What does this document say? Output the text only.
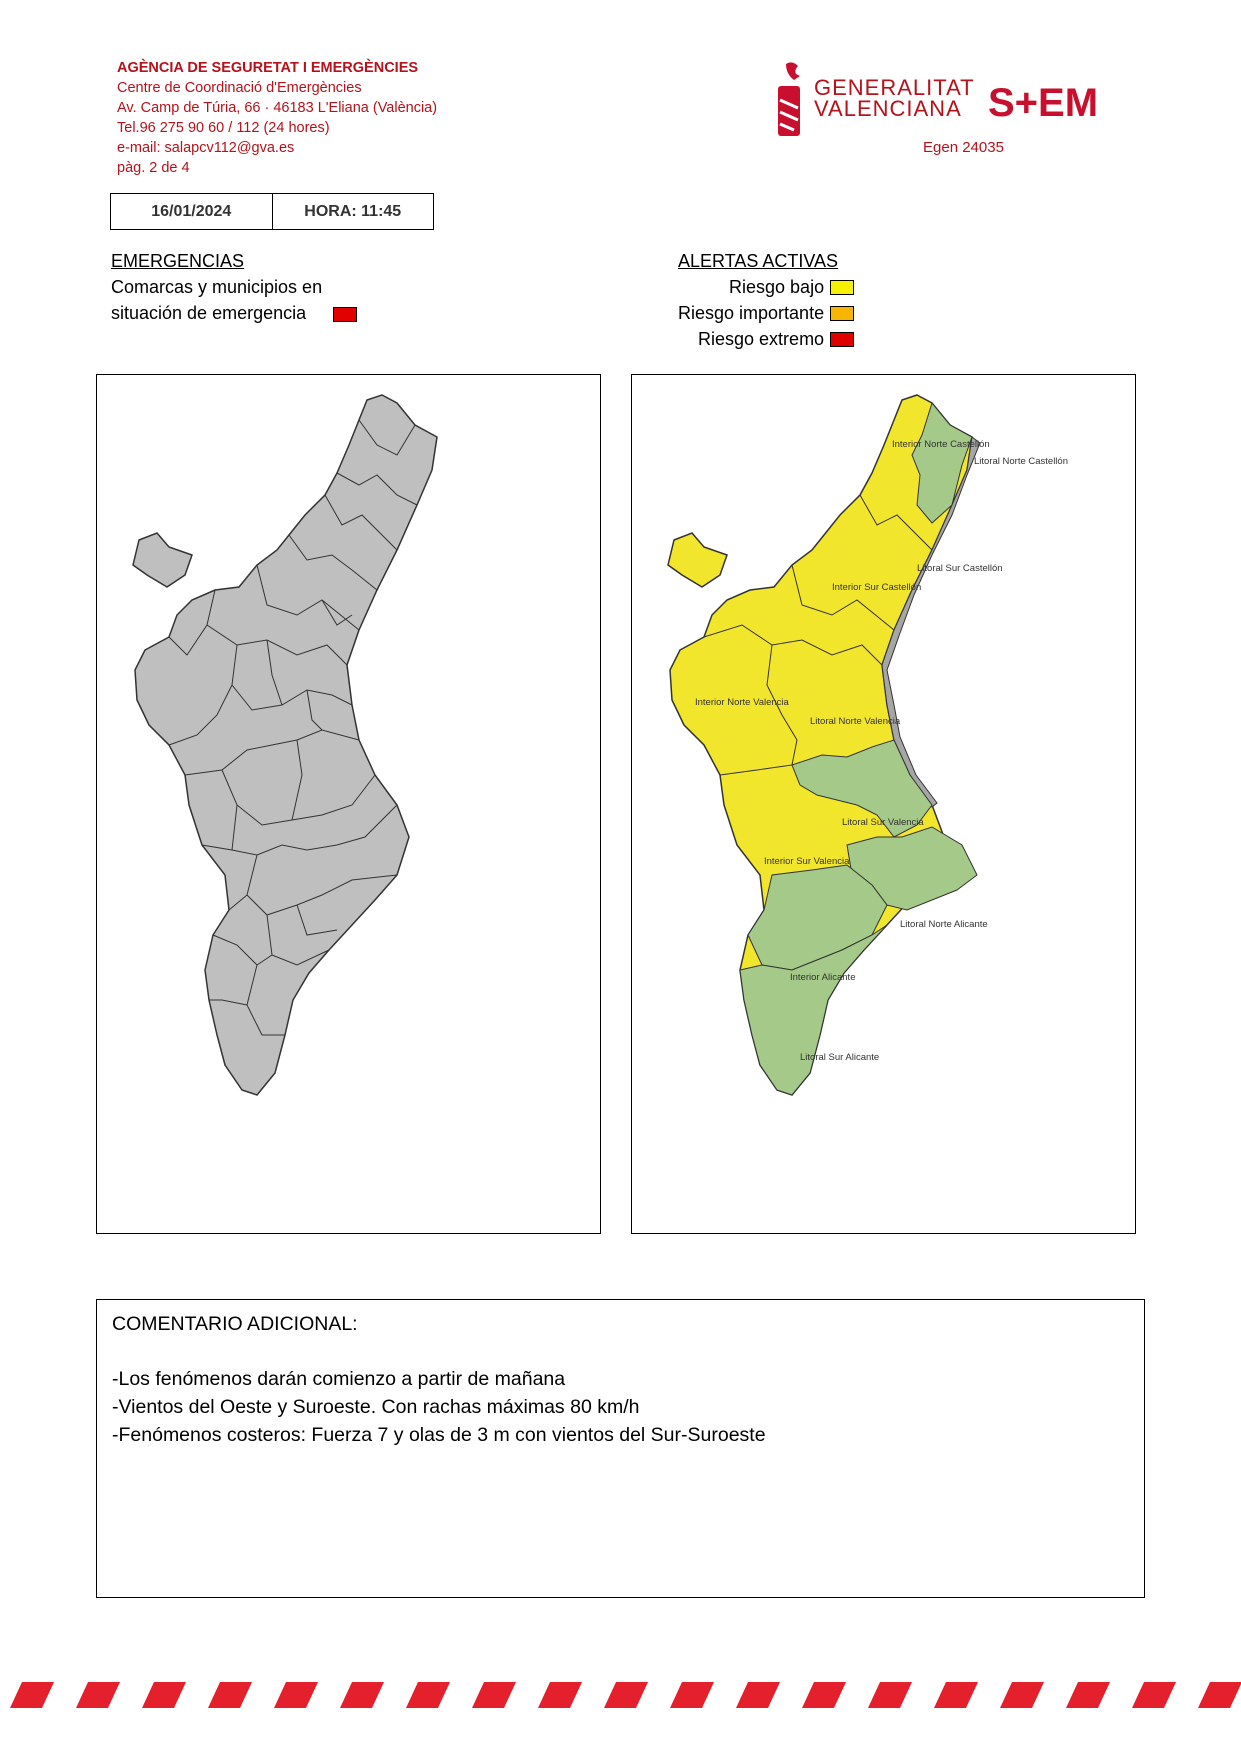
AGÈNCIA DE SEGURETAT I EMERGÈNCIES
Centre de Coordinació d'Emergències
Av. Camp de Túria, 66 · 46183 L'Eliana (València)
Tel.96 275 90 60 / 112 (24 hores)
e-mail: salapcv112@gva.es
pàg. 2 de 4
GENERALITAT
VALENCIANA S+EM
Egen 24035
16/01/2024	HORA: 11:45
EMERGENCIAS
Comarcas y municipios en
situación de emergencia
ALERTAS ACTIVAS
Riesgo bajo
Riesgo importante
Riesgo extremo
Interior Norte Castellón
Litoral Norte Castellón
Litoral Sur Castellón
Interior Sur Castellón
Interior Norte Valencia
Litoral Norte Valencia
Litoral Sur Valencia
Interior Sur Valencia
Litoral Norte Alicante
Interior Alicante
Litoral Sur Alicante
COMENTARIO ADICIONAL:
-Los fenómenos darán comienzo a partir de mañana
-Vientos del Oeste y Suroeste. Con rachas máximas 80 km/h
-Fenómenos costeros: Fuerza 7 y olas de 3 m con vientos del Sur-Suroeste
